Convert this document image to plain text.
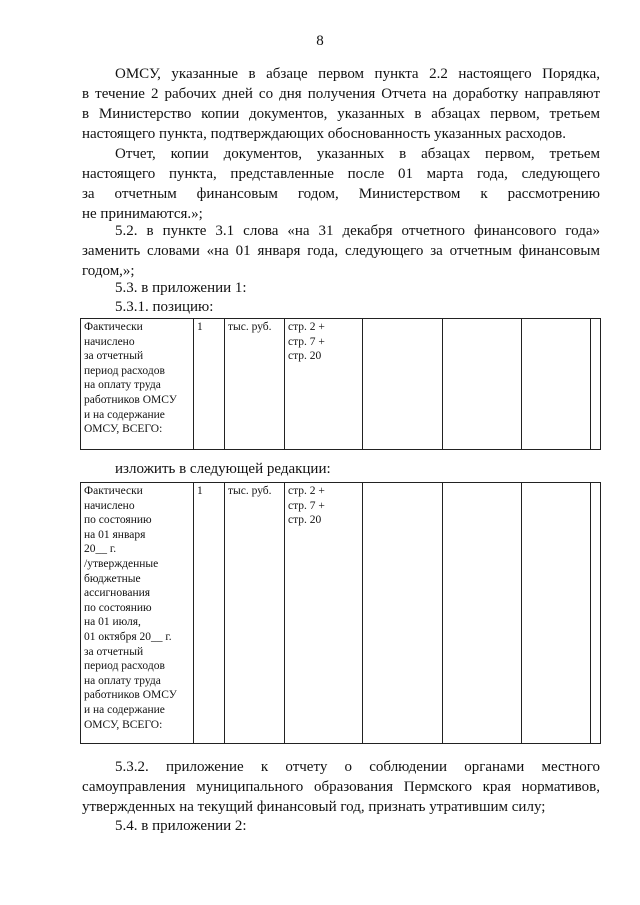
8
ОМСУ, указанные в абзаце первом пункта 2.2 настоящего Порядка,
в течение 2 рабочих дней со дня получения Отчета на доработку направляют
в Министерство копии документов, указанных в абзацах первом, третьем
настоящего пункта, подтверждающих обоснованность указанных расходов.
Отчет, копии документов, указанных в абзацах первом, третьем
настоящего пункта, представленные после 01 марта года, следующего
за отчетным финансовым годом, Министерством к рассмотрению
не принимаются.»;
5.2. в пункте 3.1 слова «на 31 декабря отчетного финансового года»
заменить словами «на 01 января года, следующего за отчетным финансовым
годом,»;
5.3. в приложении 1:
5.3.1. позицию:
Фактически
начислено
за отчетный
период расходов
на оплату труда
работников ОМСУ
и на содержание
ОМСУ, ВСЕГО:
	1	тыс. руб.	стр. 2 +
стр. 7 +
стр. 20

изложить в следующей редакции:
Фактически
начислено
по состоянию
на 01 января
20__ г.
/утвержденные
бюджетные
ассигнования
по состоянию
на 01 июля,
01 октября 20__ г.
за отчетный
период расходов
на оплату труда
работников ОМСУ
и на содержание
ОМСУ, ВСЕГО:
	1	тыс. руб.	стр. 2 +
стр. 7 +
стр. 20

5.3.2. приложение к отчету о соблюдении органами местного
самоуправления муниципального образования Пермского края нормативов,
утвержденных на текущий финансовый год, признать утратившим силу;
5.4. в приложении 2:
